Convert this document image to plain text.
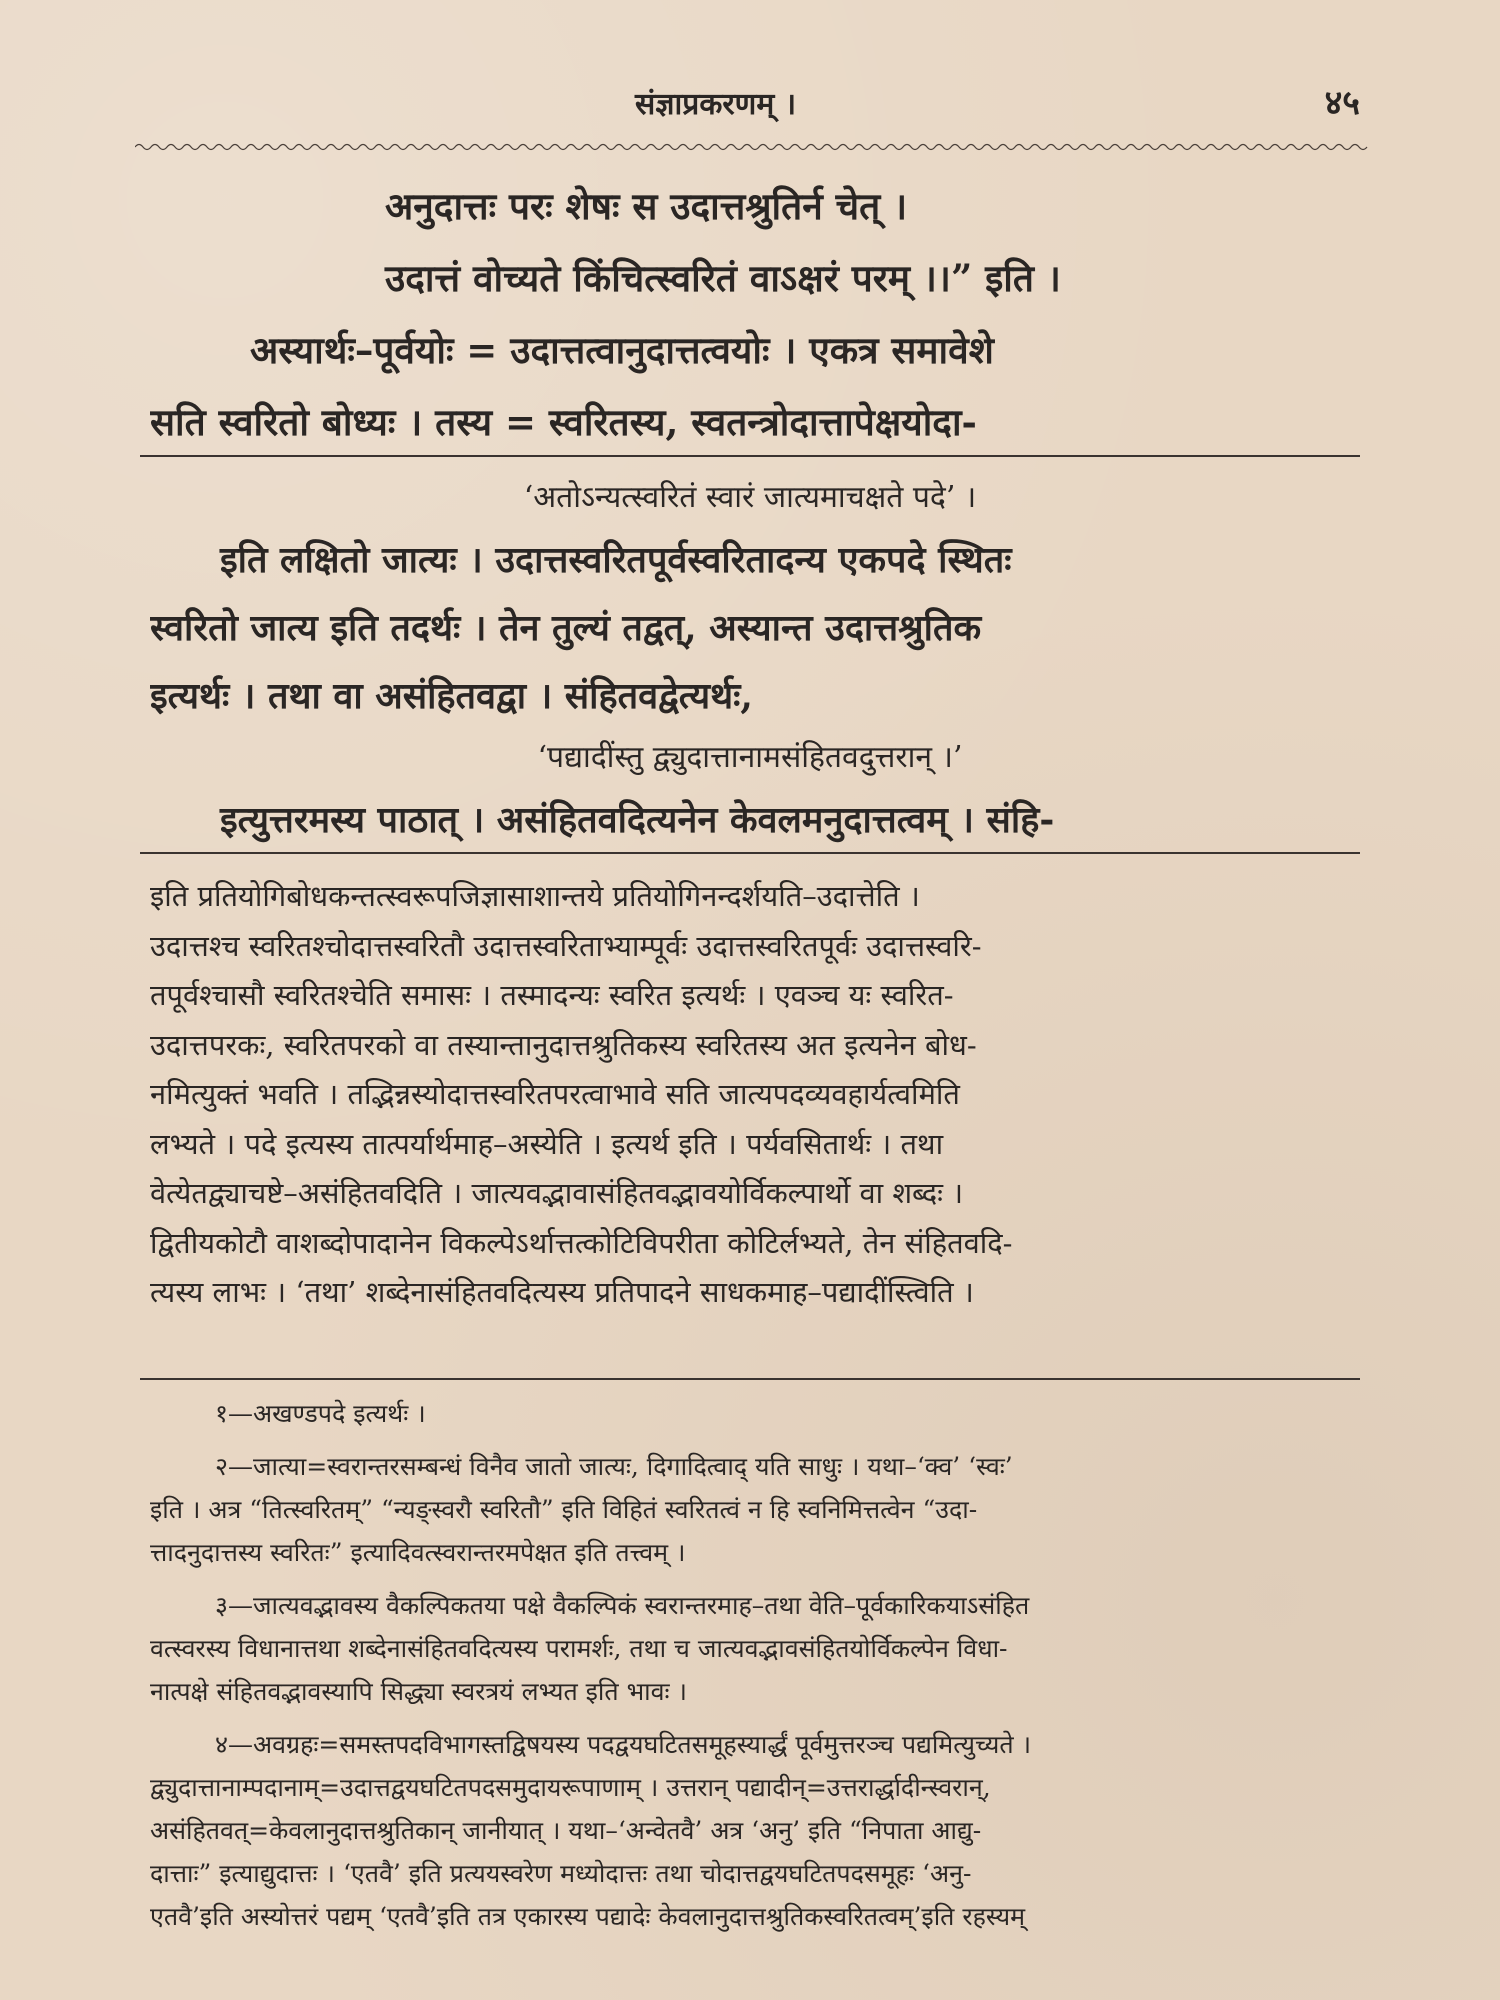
संज्ञाप्रकरणम् ।	४५
अनुदात्तः परः शेषः स उदात्तश्रुतिर्न चेत् ।
उदात्तं वोच्यते किंचित्स्वरितं वाऽक्षरं परम् ।।” इति ।
अस्यार्थः–पूर्वयोः = उदात्तत्वानुदात्तत्वयोः । एकत्र समावेशे
सति स्वरितो बोध्यः । तस्य = स्वरितस्य, स्वतन्त्रोदात्तापेक्षयोदा-
‘अतोऽन्यत्स्वरितं स्वारं जात्यमाचक्षते पदे’ ।
इति लक्षितो जात्यः । उदात्तस्वरितपूर्वस्वरितादन्य एकपदे स्थितः
स्वरितो जात्य इति तदर्थः । तेन तुल्यं तद्वत्, अस्यान्त उदात्तश्रुतिक
इत्यर्थः । तथा वा असंहितवद्वा । संहितवद्वेत्यर्थः,
‘पद्यादींस्तु द्व्युदात्तानामसंहितवदुत्तरान् ।’
इत्युत्तरमस्य पाठात् । असंहितवदित्यनेन केवलमनुदात्तत्वम् । संहि-
इति प्रतियोगिबोधकन्तत्स्वरूपजिज्ञासाशान्तये प्रतियोगिनन्दर्शयति–उदात्तेति ।
उदात्तश्च स्वरितश्चोदात्तस्वरितौ उदात्तस्वरिताभ्याम्पूर्वः उदात्तस्वरितपूर्वः उदात्तस्वरि-
तपूर्वश्चासौ स्वरितश्चेति समासः । तस्मादन्यः स्वरित इत्यर्थः । एवञ्च यः स्वरित-
उदात्तपरकः, स्वरितपरको वा तस्यान्तानुदात्तश्रुतिकस्य स्वरितस्य अत इत्यनेन बोध-
नमित्युक्तं भवति । तद्भिन्नस्योदात्तस्वरितपरत्वाभावे सति जात्यपदव्यवहार्यत्वमिति
लभ्यते । पदे इत्यस्य तात्पर्यार्थमाह–अस्येति । इत्यर्थ इति । पर्यवसितार्थः । तथा
वेत्येतद्व्याचष्टे–असंहितवदिति । जात्यवद्भावासंहितवद्भावयोर्विकल्पार्थो वा शब्दः ।
द्वितीयकोटौ वाशब्दोपादानेन विकल्पेऽर्थात्तत्कोटिविपरीता कोटिर्लभ्यते, तेन संहितवदि-
त्यस्य लाभः । ‘तथा’ शब्देनासंहितवदित्यस्य प्रतिपादने साधकमाह–पद्यादींस्त्विति ।
१—अखण्डपदे इत्यर्थः ।
२—जात्या=स्वरान्तरसम्बन्धं विनैव जातो जात्यः, दिगादित्वाद् यति साधुः । यथा–‘क्व’ ‘स्वः’
इति । अत्र “तित्स्वरितम्” “न्यङ्स्वरौ स्वरितौ” इति विहितं स्वरितत्वं न हि स्वनिमित्तत्वेन “उदा-
त्तादनुदात्तस्य स्वरितः” इत्यादिवत्स्वरान्तरमपेक्षत इति तत्त्वम् ।
३—जात्यवद्भावस्य वैकल्पिकतया पक्षे वैकल्पिकं स्वरान्तरमाह–तथा वेति–पूर्वकारिकयाऽसंहित
वत्स्वरस्य विधानात्तथा शब्देनासंहितवदित्यस्य परामर्शः, तथा च जात्यवद्भावसंहितयोर्विकल्पेन विधा-
नात्पक्षे संहितवद्भावस्यापि सिद्ध्या स्वरत्रयं लभ्यत इति भावः ।
४—अवग्रहः=समस्तपदविभागस्तद्विषयस्य पदद्वयघटितसमूहस्यार्द्धं पूर्वमुत्तरञ्च पद्यमित्युच्यते ।
द्व्युदात्तानाम्पदानाम्=उदात्तद्वयघटितपदसमुदायरूपाणाम् । उत्तरान् पद्यादीन्=उत्तरार्द्धादीन्स्वरान्,
असंहितवत्=केवलानुदात्तश्रुतिकान् जानीयात् । यथा–‘अन्वेतवै’ अत्र ‘अनु’ इति “निपाता आद्यु-
दात्ताः” इत्याद्युदात्तः । ‘एतवै’ इति प्रत्ययस्वरेण मध्योदात्तः तथा चोदात्तद्वयघटितपदसमूहः ‘अनु-
एतवै’इति अस्योत्तरं पद्यम् ‘एतवै’इति तत्र एकारस्य पद्यादेः केवलानुदात्तश्रुतिकस्वरितत्वम्’इति रहस्यम्
